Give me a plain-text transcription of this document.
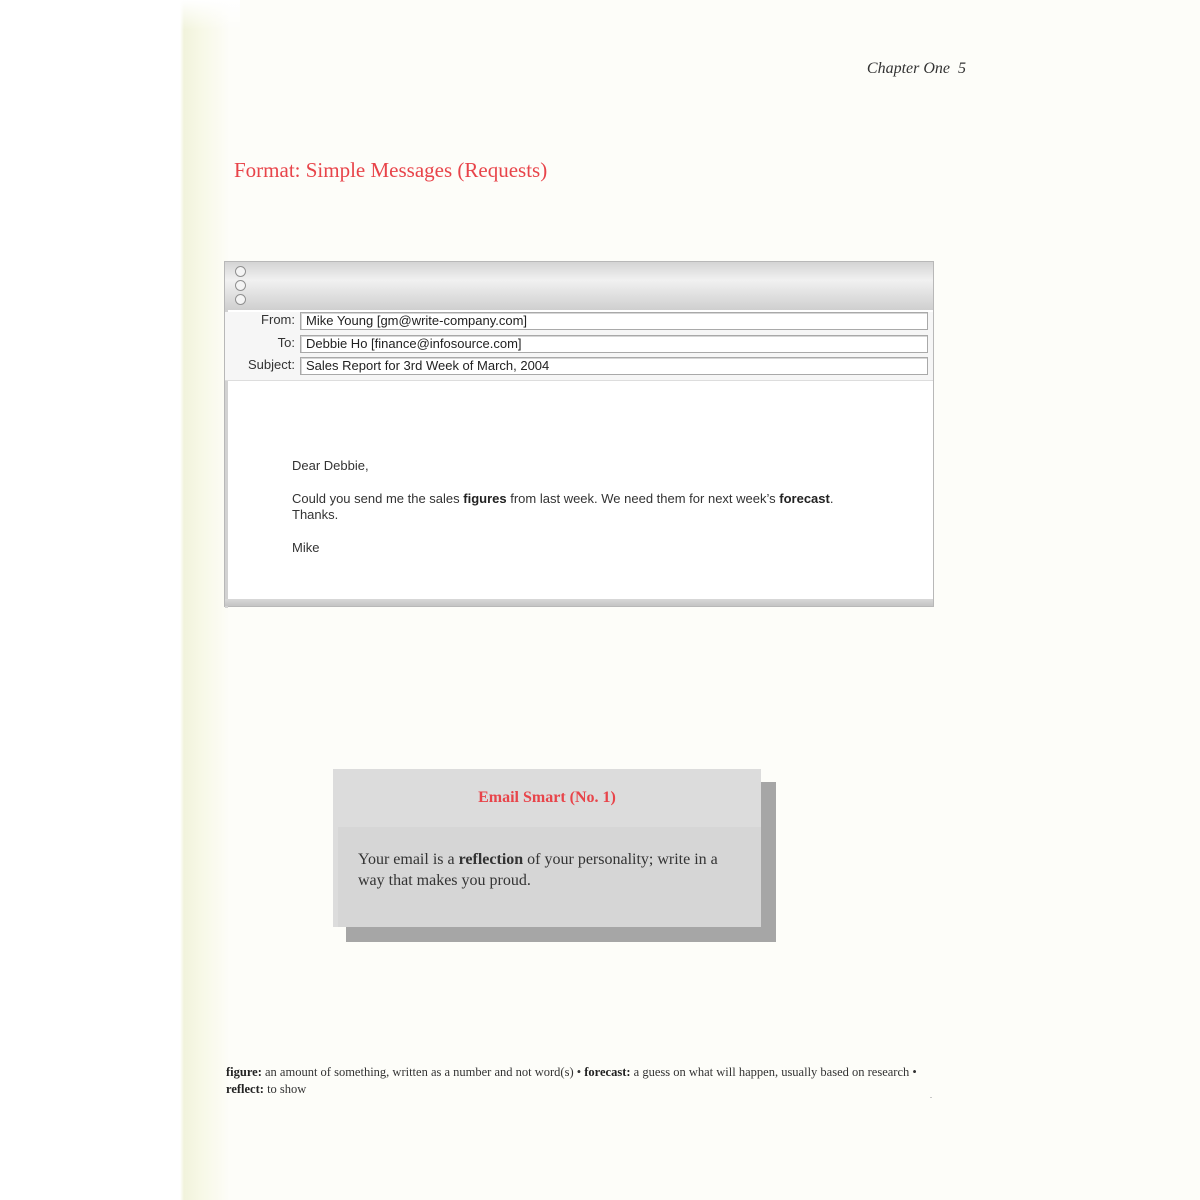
Chapter One 5
Format: Simple Messages (Requests)
From: Mike Young [gm@write-company.com]
To: Debbie Ho [finance@infosource.com]
Subject: Sales Report for 3rd Week of March, 2004

Dear Debbie,

Could you send me the sales figures from last week. We need them for next week’s forecast.
Thanks.

Mike

Email Smart (No. 1)
Your email is a reflection of your personality; write in a way that makes you proud.
figure: an amount of something, written as a number and not word(s) • forecast: a guess on what will happen, usually based on research • reflect: to show
